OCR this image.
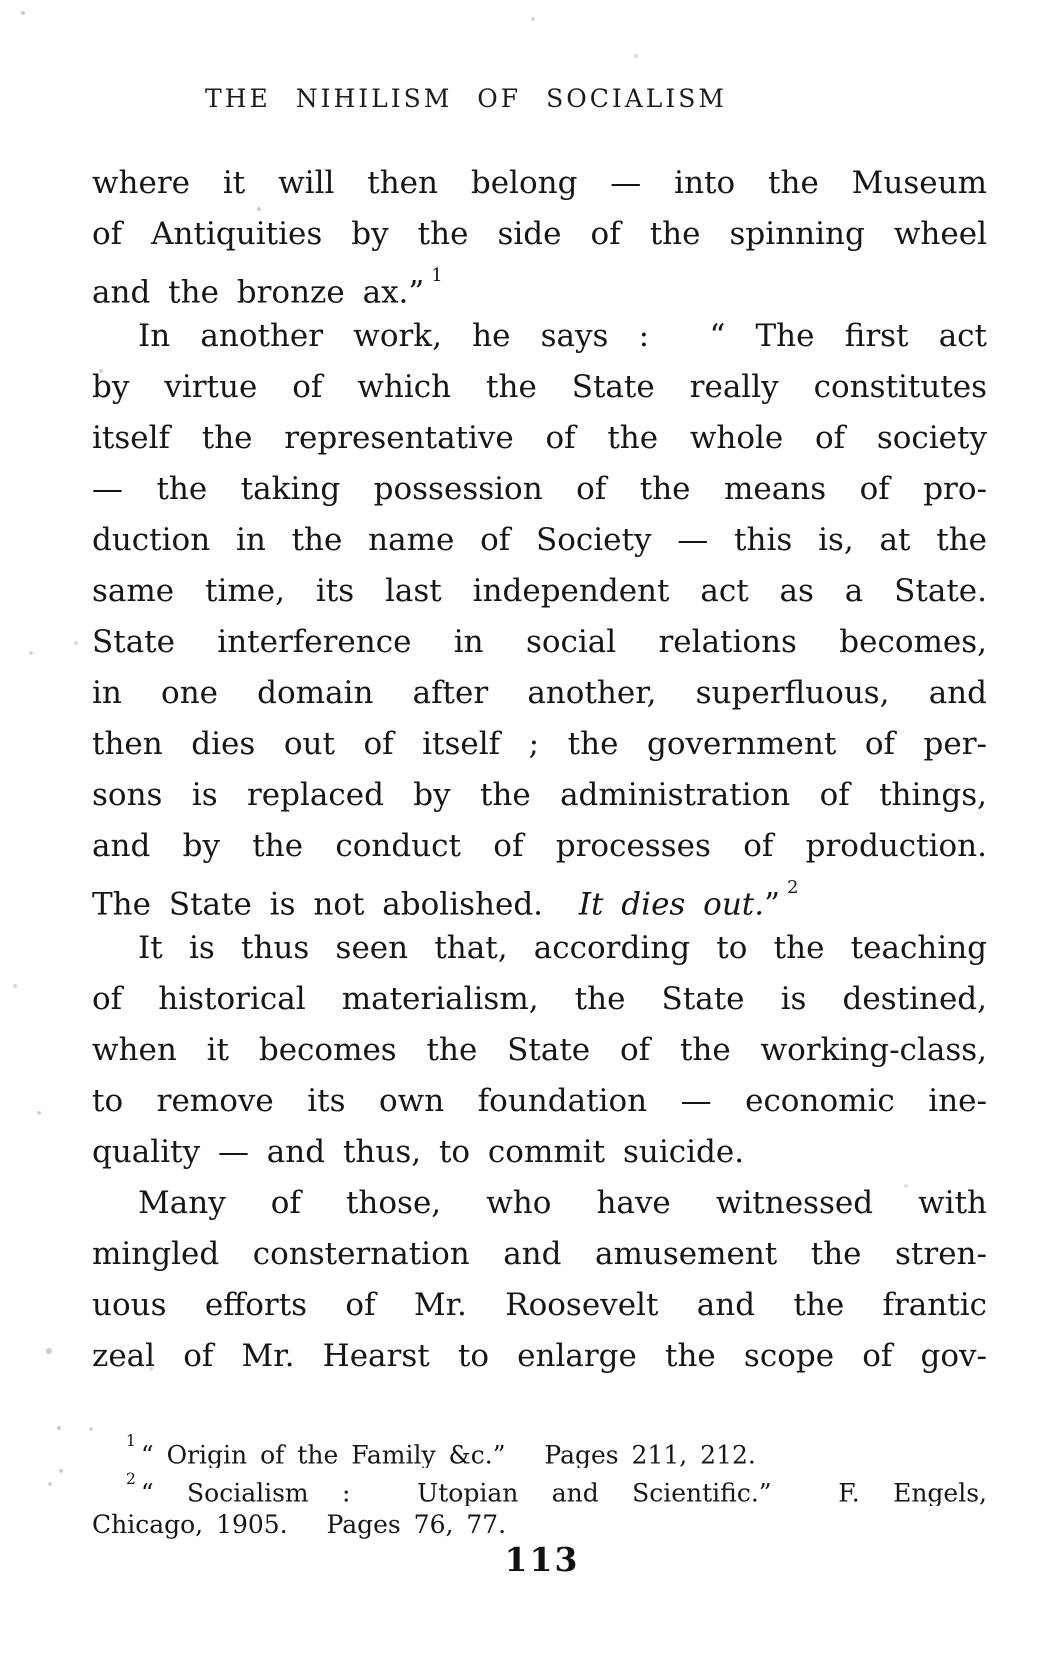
THE NIHILISM OF SOCIALISM
where it will then belong — into the Museum
of Antiquities by the side of the spinning wheel
and the bronze ax.” $^1$
In another work, he says :  “ The first act
by virtue of which the State really constitutes
itself the representative of the whole of society
— the taking possession of the means of pro-
duction in the name of Society — this is, at the
same time, its last independent act as a State.
State interference in social relations becomes,
in one domain after another, superfluous, and
then dies out of itself ; the government of per-
sons is replaced by the administration of things,
and by the conduct of processes of production.
The State is not abolished.  It dies out.” $^2$
It is thus seen that, according to the teaching
of historical materialism, the State is destined,
when it becomes the State of the working-class,
to remove its own foundation — economic ine-
quality — and thus, to commit suicide.
Many of those, who have witnessed with
mingled consternation and amusement the stren-
uous efforts of Mr. Roosevelt and the frantic
zeal of Mr. Hearst to enlarge the scope of gov-
$^1$ “ Origin of the Family &c.”   Pages 211, 212.
$^2$ “ Socialism :  Utopian and Scientific.”  F. Engels,
Chicago, 1905.   Pages 76, 77.
113
